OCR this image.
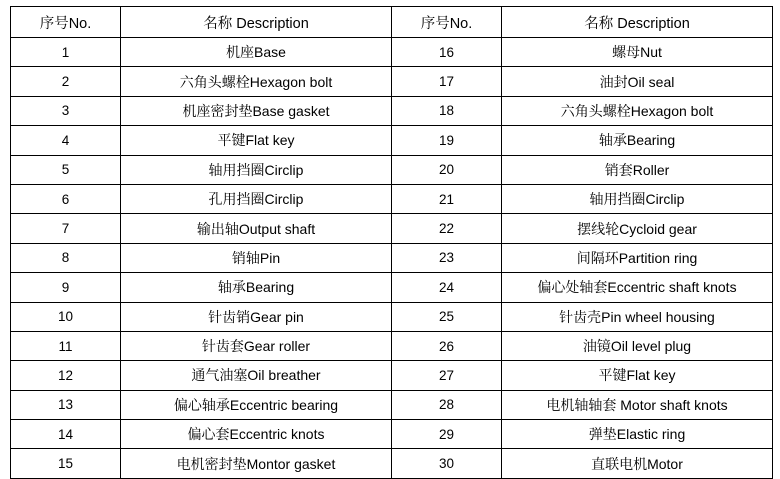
序号No.	名称 Description	序号No.	名称 Description
1	机座Base	16	螺母Nut
2	六角头螺栓Hexagon bolt	17	油封Oil seal
3	机座密封垫Base gasket	18	六角头螺栓Hexagon bolt
4	平键Flat key	19	轴承Bearing
5	轴用挡圈Circlip	20	销套Roller
6	孔用挡圈Circlip	21	轴用挡圈Circlip
7	输出轴Output shaft	22	摆线轮Cycloid gear
8	销轴Pin	23	间隔环Partition ring
9	轴承Bearing	24	偏心处轴套Eccentric shaft knots
10	针齿销Gear pin	25	针齿壳Pin wheel housing
11	针齿套Gear roller	26	油镜Oil level plug
12	通气油塞Oil breather	27	平键Flat key
13	偏心轴承Eccentric bearing	28	电机轴轴套 Motor shaft knots
14	偏心套Eccentric knots	29	弹垫Elastic ring
15	电机密封垫Montor gasket	30	直联电机Motor
